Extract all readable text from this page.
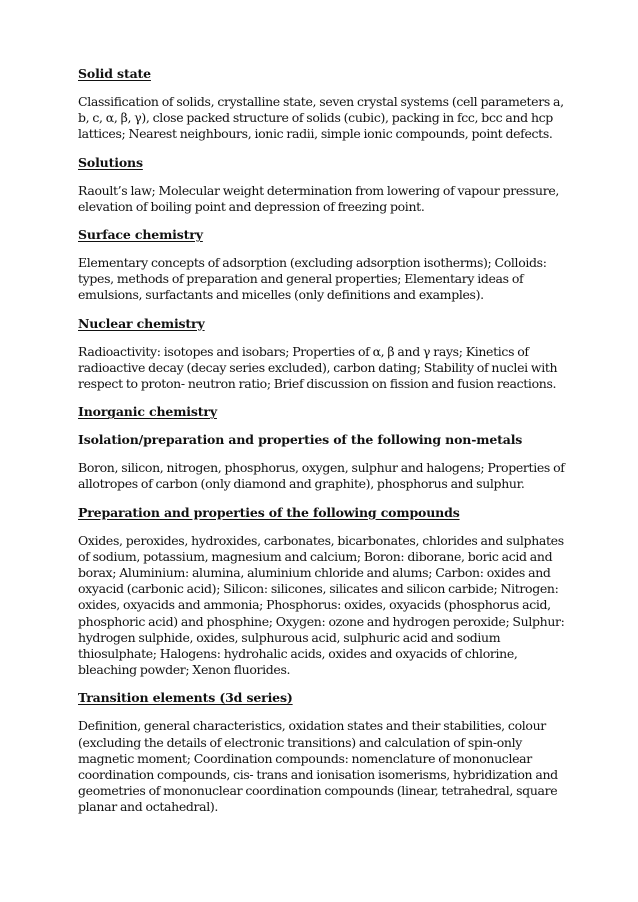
Solid state
Classification of solids, crystalline state, seven crystal systems (cell parameters a, b, c, α, β, γ), close packed structure of solids (cubic), packing in fcc, bcc and hcp lattices; Nearest neighbours, ionic radii, simple ionic compounds, point defects.
Solutions
Raoult’s law; Molecular weight determination from lowering of vapour pressure, elevation of boiling point and depression of freezing point.
Surface chemistry
Elementary concepts of adsorption (excluding adsorption isotherms); Colloids: types, methods of preparation and general properties; Elementary ideas of emulsions, surfactants and micelles (only definitions and examples).
Nuclear chemistry
Radioactivity: isotopes and isobars; Properties of α, β and γ rays; Kinetics of radioactive decay (decay series excluded), carbon dating; Stability of nuclei with respect to proton- neutron ratio; Brief discussion on fission and fusion reactions.
Inorganic chemistry
Isolation/preparation and properties of the following non-metals
Boron, silicon, nitrogen, phosphorus, oxygen, sulphur and halogens; Properties of allotropes of carbon (only diamond and graphite), phosphorus and sulphur.
Preparation and properties of the following compounds
Oxides, peroxides, hydroxides, carbonates, bicarbonates, chlorides and sulphates of sodium, potassium, magnesium and calcium; Boron: diborane, boric acid and borax; Aluminium: alumina, aluminium chloride and alums; Carbon: oxides and oxyacid (carbonic acid); Silicon: silicones, silicates and silicon carbide; Nitrogen: oxides, oxyacids and ammonia; Phosphorus: oxides, oxyacids (phosphorus acid, phosphoric acid) and phosphine; Oxygen: ozone and hydrogen peroxide; Sulphur: hydrogen sulphide, oxides, sulphurous acid, sulphuric acid and sodium thiosulphate; Halogens: hydrohalic acids, oxides and oxyacids of chlorine, bleaching powder; Xenon fluorides.
Transition elements (3d series)
Definition, general characteristics, oxidation states and their stabilities, colour (excluding the details of electronic transitions) and calculation of spin-only magnetic moment; Coordination compounds: nomenclature of mononuclear coordination compounds, cis- trans and ionisation isomerisms, hybridization and geometries of mononuclear coordination compounds (linear, tetrahedral, square planar and octahedral).
